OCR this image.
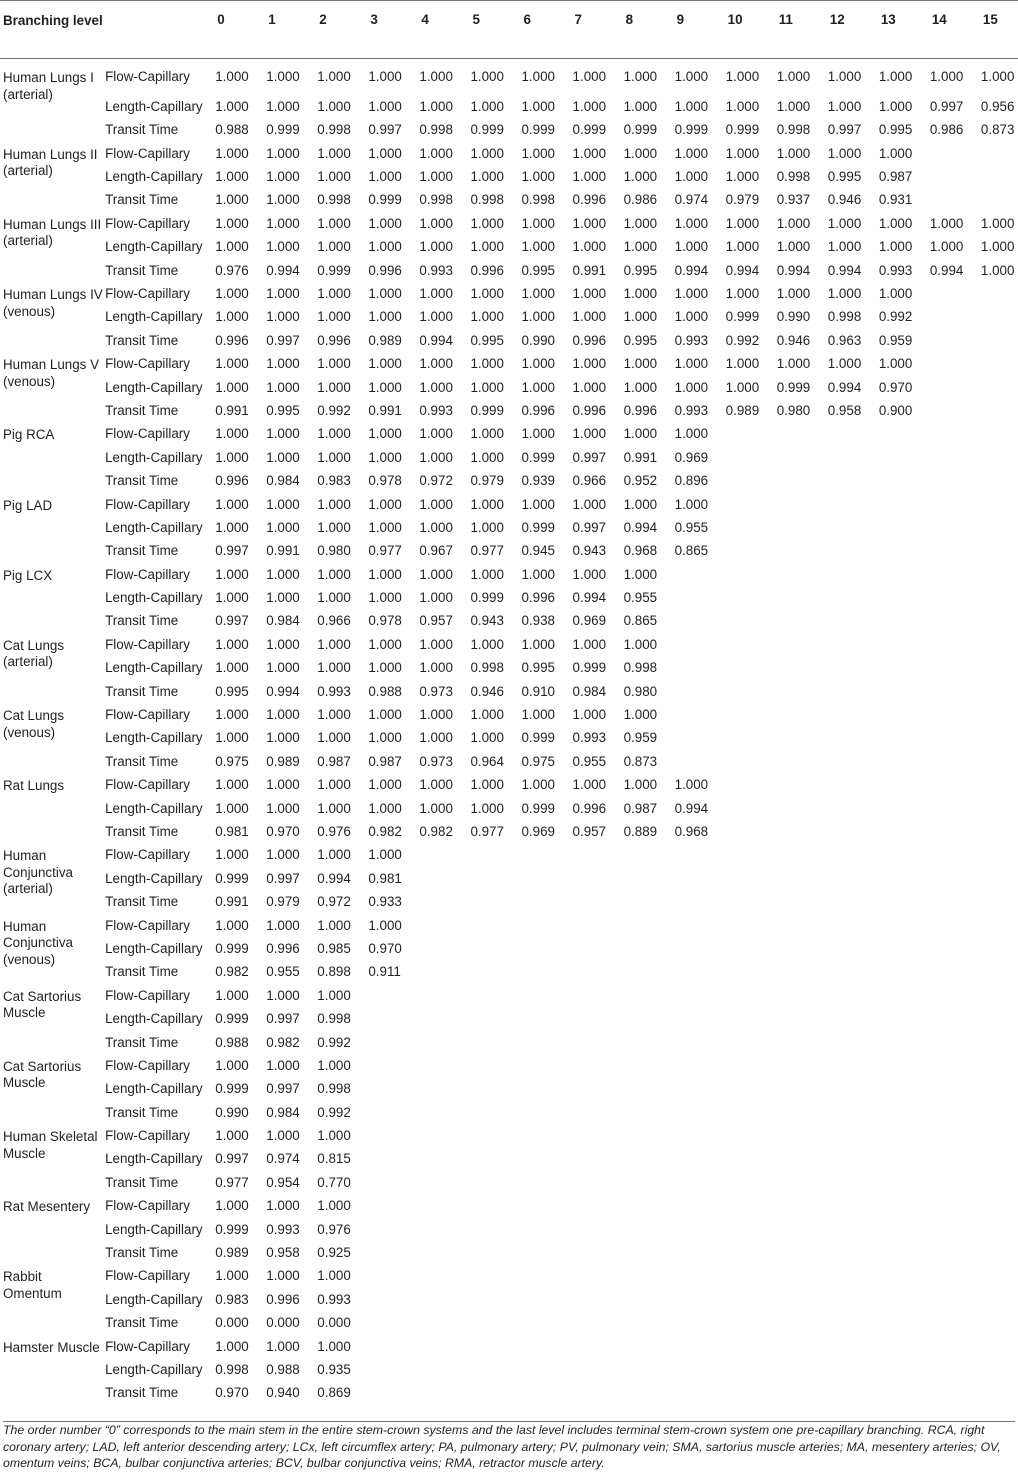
Branching level		0	1	2	3	4	5	6	7	8	9	10	11	12	13	14	15
Human Lungs I (arterial)	Flow-Capillary	1.000	1.000	1.000	1.000	1.000	1.000	1.000	1.000	1.000	1.000	1.000	1.000	1.000	1.000	1.000	1.000
	Length-Capillary	1.000	1.000	1.000	1.000	1.000	1.000	1.000	1.000	1.000	1.000	1.000	1.000	1.000	1.000	0.997	0.956
	Transit Time	0.988	0.999	0.998	0.997	0.998	0.999	0.999	0.999	0.999	0.999	0.999	0.998	0.997	0.995	0.986	0.873
Human Lungs II (arterial)	Flow-Capillary	1.000	1.000	1.000	1.000	1.000	1.000	1.000	1.000	1.000	1.000	1.000	1.000	1.000	1.000		
	Length-Capillary	1.000	1.000	1.000	1.000	1.000	1.000	1.000	1.000	1.000	1.000	1.000	0.998	0.995	0.987		
	Transit Time	1.000	1.000	0.998	0.999	0.998	0.998	0.998	0.996	0.986	0.974	0.979	0.937	0.946	0.931		
Human Lungs III (arterial)	Flow-Capillary	1.000	1.000	1.000	1.000	1.000	1.000	1.000	1.000	1.000	1.000	1.000	1.000	1.000	1.000	1.000	1.000
	Length-Capillary	1.000	1.000	1.000	1.000	1.000	1.000	1.000	1.000	1.000	1.000	1.000	1.000	1.000	1.000	1.000	1.000
	Transit Time	0.976	0.994	0.999	0.996	0.993	0.996	0.995	0.991	0.995	0.994	0.994	0.994	0.994	0.993	0.994	1.000
Human Lungs IV (venous)	Flow-Capillary	1.000	1.000	1.000	1.000	1.000	1.000	1.000	1.000	1.000	1.000	1.000	1.000	1.000	1.000		
	Length-Capillary	1.000	1.000	1.000	1.000	1.000	1.000	1.000	1.000	1.000	1.000	0.999	0.990	0.998	0.992		
	Transit Time	0.996	0.997	0.996	0.989	0.994	0.995	0.990	0.996	0.995	0.993	0.992	0.946	0.963	0.959		
Human Lungs V (venous)	Flow-Capillary	1.000	1.000	1.000	1.000	1.000	1.000	1.000	1.000	1.000	1.000	1.000	1.000	1.000	1.000		
	Length-Capillary	1.000	1.000	1.000	1.000	1.000	1.000	1.000	1.000	1.000	1.000	1.000	0.999	0.994	0.970		
	Transit Time	0.991	0.995	0.992	0.991	0.993	0.999	0.996	0.996	0.996	0.993	0.989	0.980	0.958	0.900		
Pig RCA	Flow-Capillary	1.000	1.000	1.000	1.000	1.000	1.000	1.000	1.000	1.000	1.000						
	Length-Capillary	1.000	1.000	1.000	1.000	1.000	1.000	0.999	0.997	0.991	0.969						
	Transit Time	0.996	0.984	0.983	0.978	0.972	0.979	0.939	0.966	0.952	0.896						
Pig LAD	Flow-Capillary	1.000	1.000	1.000	1.000	1.000	1.000	1.000	1.000	1.000	1.000						
	Length-Capillary	1.000	1.000	1.000	1.000	1.000	1.000	0.999	0.997	0.994	0.955						
	Transit Time	0.997	0.991	0.980	0.977	0.967	0.977	0.945	0.943	0.968	0.865						
Pig LCX	Flow-Capillary	1.000	1.000	1.000	1.000	1.000	1.000	1.000	1.000	1.000							
	Length-Capillary	1.000	1.000	1.000	1.000	1.000	0.999	0.996	0.994	0.955							
	Transit Time	0.997	0.984	0.966	0.978	0.957	0.943	0.938	0.969	0.865							
Cat Lungs (arterial)	Flow-Capillary	1.000	1.000	1.000	1.000	1.000	1.000	1.000	1.000	1.000							
	Length-Capillary	1.000	1.000	1.000	1.000	1.000	0.998	0.995	0.999	0.998							
	Transit Time	0.995	0.994	0.993	0.988	0.973	0.946	0.910	0.984	0.980							
Cat Lungs (venous)	Flow-Capillary	1.000	1.000	1.000	1.000	1.000	1.000	1.000	1.000	1.000							
	Length-Capillary	1.000	1.000	1.000	1.000	1.000	1.000	0.999	0.993	0.959							
	Transit Time	0.975	0.989	0.987	0.987	0.973	0.964	0.975	0.955	0.873							
Rat Lungs	Flow-Capillary	1.000	1.000	1.000	1.000	1.000	1.000	1.000	1.000	1.000	1.000						
	Length-Capillary	1.000	1.000	1.000	1.000	1.000	1.000	0.999	0.996	0.987	0.994						
	Transit Time	0.981	0.970	0.976	0.982	0.982	0.977	0.969	0.957	0.889	0.968						
Human Conjunctiva (arterial)	Flow-Capillary	1.000	1.000	1.000	1.000												
	Length-Capillary	0.999	0.997	0.994	0.981												
	Transit Time	0.991	0.979	0.972	0.933												
Human Conjunctiva (venous)	Flow-Capillary	1.000	1.000	1.000	1.000												
	Length-Capillary	0.999	0.996	0.985	0.970												
	Transit Time	0.982	0.955	0.898	0.911												
Cat Sartorius Muscle	Flow-Capillary	1.000	1.000	1.000													
	Length-Capillary	0.999	0.997	0.998													
	Transit Time	0.988	0.982	0.992													
Cat Sartorius Muscle	Flow-Capillary	1.000	1.000	1.000													
	Length-Capillary	0.999	0.997	0.998													
	Transit Time	0.990	0.984	0.992													
Human Skeletal Muscle	Flow-Capillary	1.000	1.000	1.000													
	Length-Capillary	0.997	0.974	0.815													
	Transit Time	0.977	0.954	0.770													
Rat Mesentery	Flow-Capillary	1.000	1.000	1.000													
	Length-Capillary	0.999	0.993	0.976													
	Transit Time	0.989	0.958	0.925													
Rabbit Omentum	Flow-Capillary	1.000	1.000	1.000													
	Length-Capillary	0.983	0.996	0.993													
	Transit Time	0.000	0.000	0.000													
Hamster Muscle	Flow-Capillary	1.000	1.000	1.000													
	Length-Capillary	0.998	0.988	0.935													
	Transit Time	0.970	0.940	0.869													

The order number “0” corresponds to the main stem in the entire stem-crown systems and the last level includes terminal stem-crown system one pre-capillary branching. RCA, right coronary artery; LAD, left anterior descending artery; LCx, left circumflex artery; PA, pulmonary artery; PV, pulmonary vein; SMA, sartorius muscle arteries; MA, mesentery arteries; OV, omentum veins; BCA, bulbar conjunctiva arteries; BCV, bulbar conjunctiva veins; RMA, retractor muscle artery.
